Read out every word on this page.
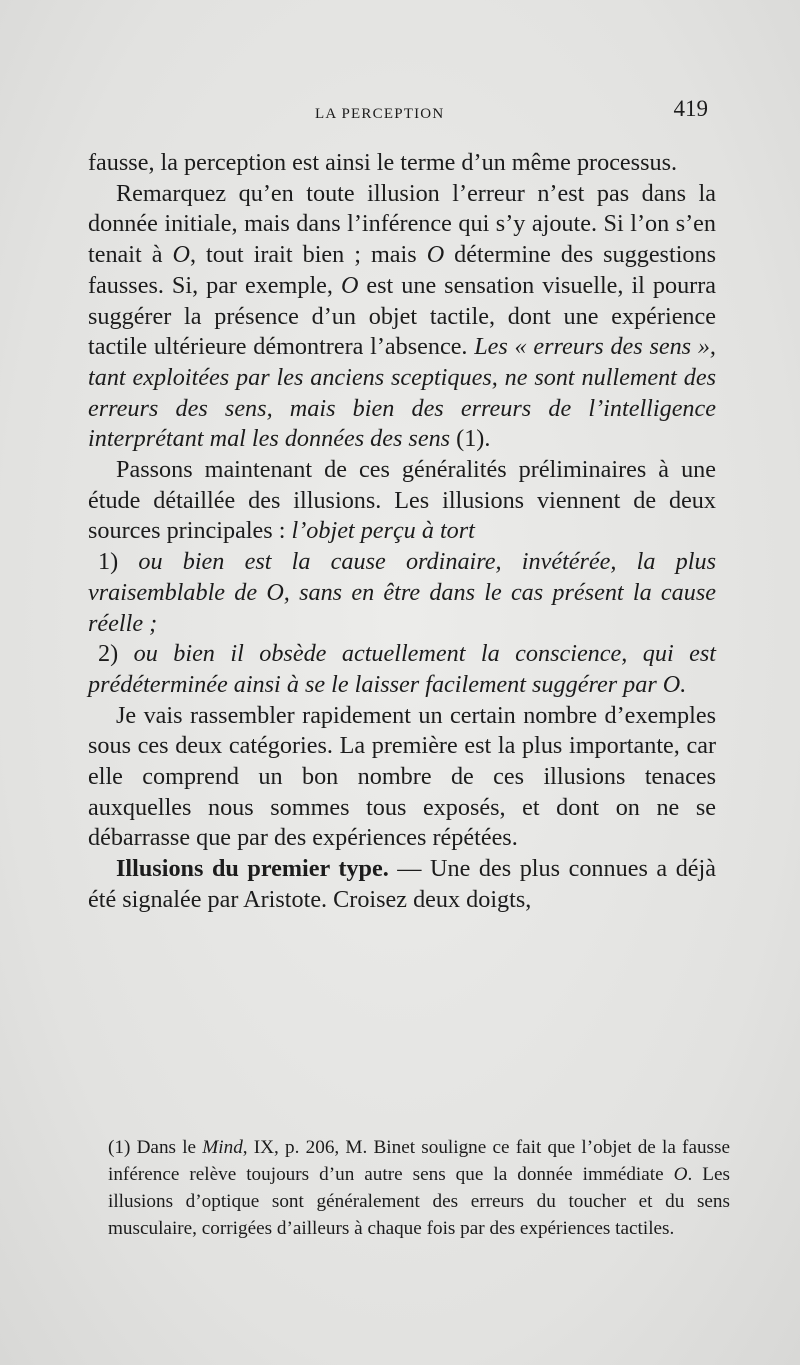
LA PERCEPTION	419

fausse, la perception est ainsi le terme d’un même processus.

Remarquez qu’en toute illusion l’erreur n’est pas dans la donnée initiale, mais dans l’inférence qui s’y ajoute. Si l’on s’en tenait à O, tout irait bien ; mais O détermine des suggestions fausses. Si, par exemple, O est une sensation visuelle, il pourra suggérer la présence d’un objet tactile, dont une expérience tactile ultérieure démontrera l’absence. Les « erreurs des sens », tant exploitées par les anciens sceptiques, ne sont nullement des erreurs des sens, mais bien des erreurs de l’intelligence interprétant mal les données des sens (1).

Passons maintenant de ces généralités préliminaires à une étude détaillée des illusions. Les illusions viennent de deux sources principales : l’objet perçu à tort

1) ou bien est la cause ordinaire, invétérée, la plus vraisemblable de O, sans en être dans le cas présent la cause réelle ;

2) ou bien il obsède actuellement la conscience, qui est prédéterminée ainsi à se le laisser facilement suggérer par O.

Je vais rassembler rapidement un certain nombre d’exemples sous ces deux catégories. La première est la plus importante, car elle comprend un bon nombre de ces illusions tenaces auxquelles nous sommes tous exposés, et dont on ne se débarrasse que par des expériences répétées.

Illusions du premier type. — Une des plus connues a déjà été signalée par Aristote. Croisez deux doigts,

(1) Dans le Mind, IX, p. 206, M. Binet souligne ce fait que l’objet de la fausse inférence relève toujours d’un autre sens que la donnée immédiate O. Les illusions d’optique sont généralement des erreurs du toucher et du sens musculaire, corrigées d’ailleurs à chaque fois par des expériences tactiles.
